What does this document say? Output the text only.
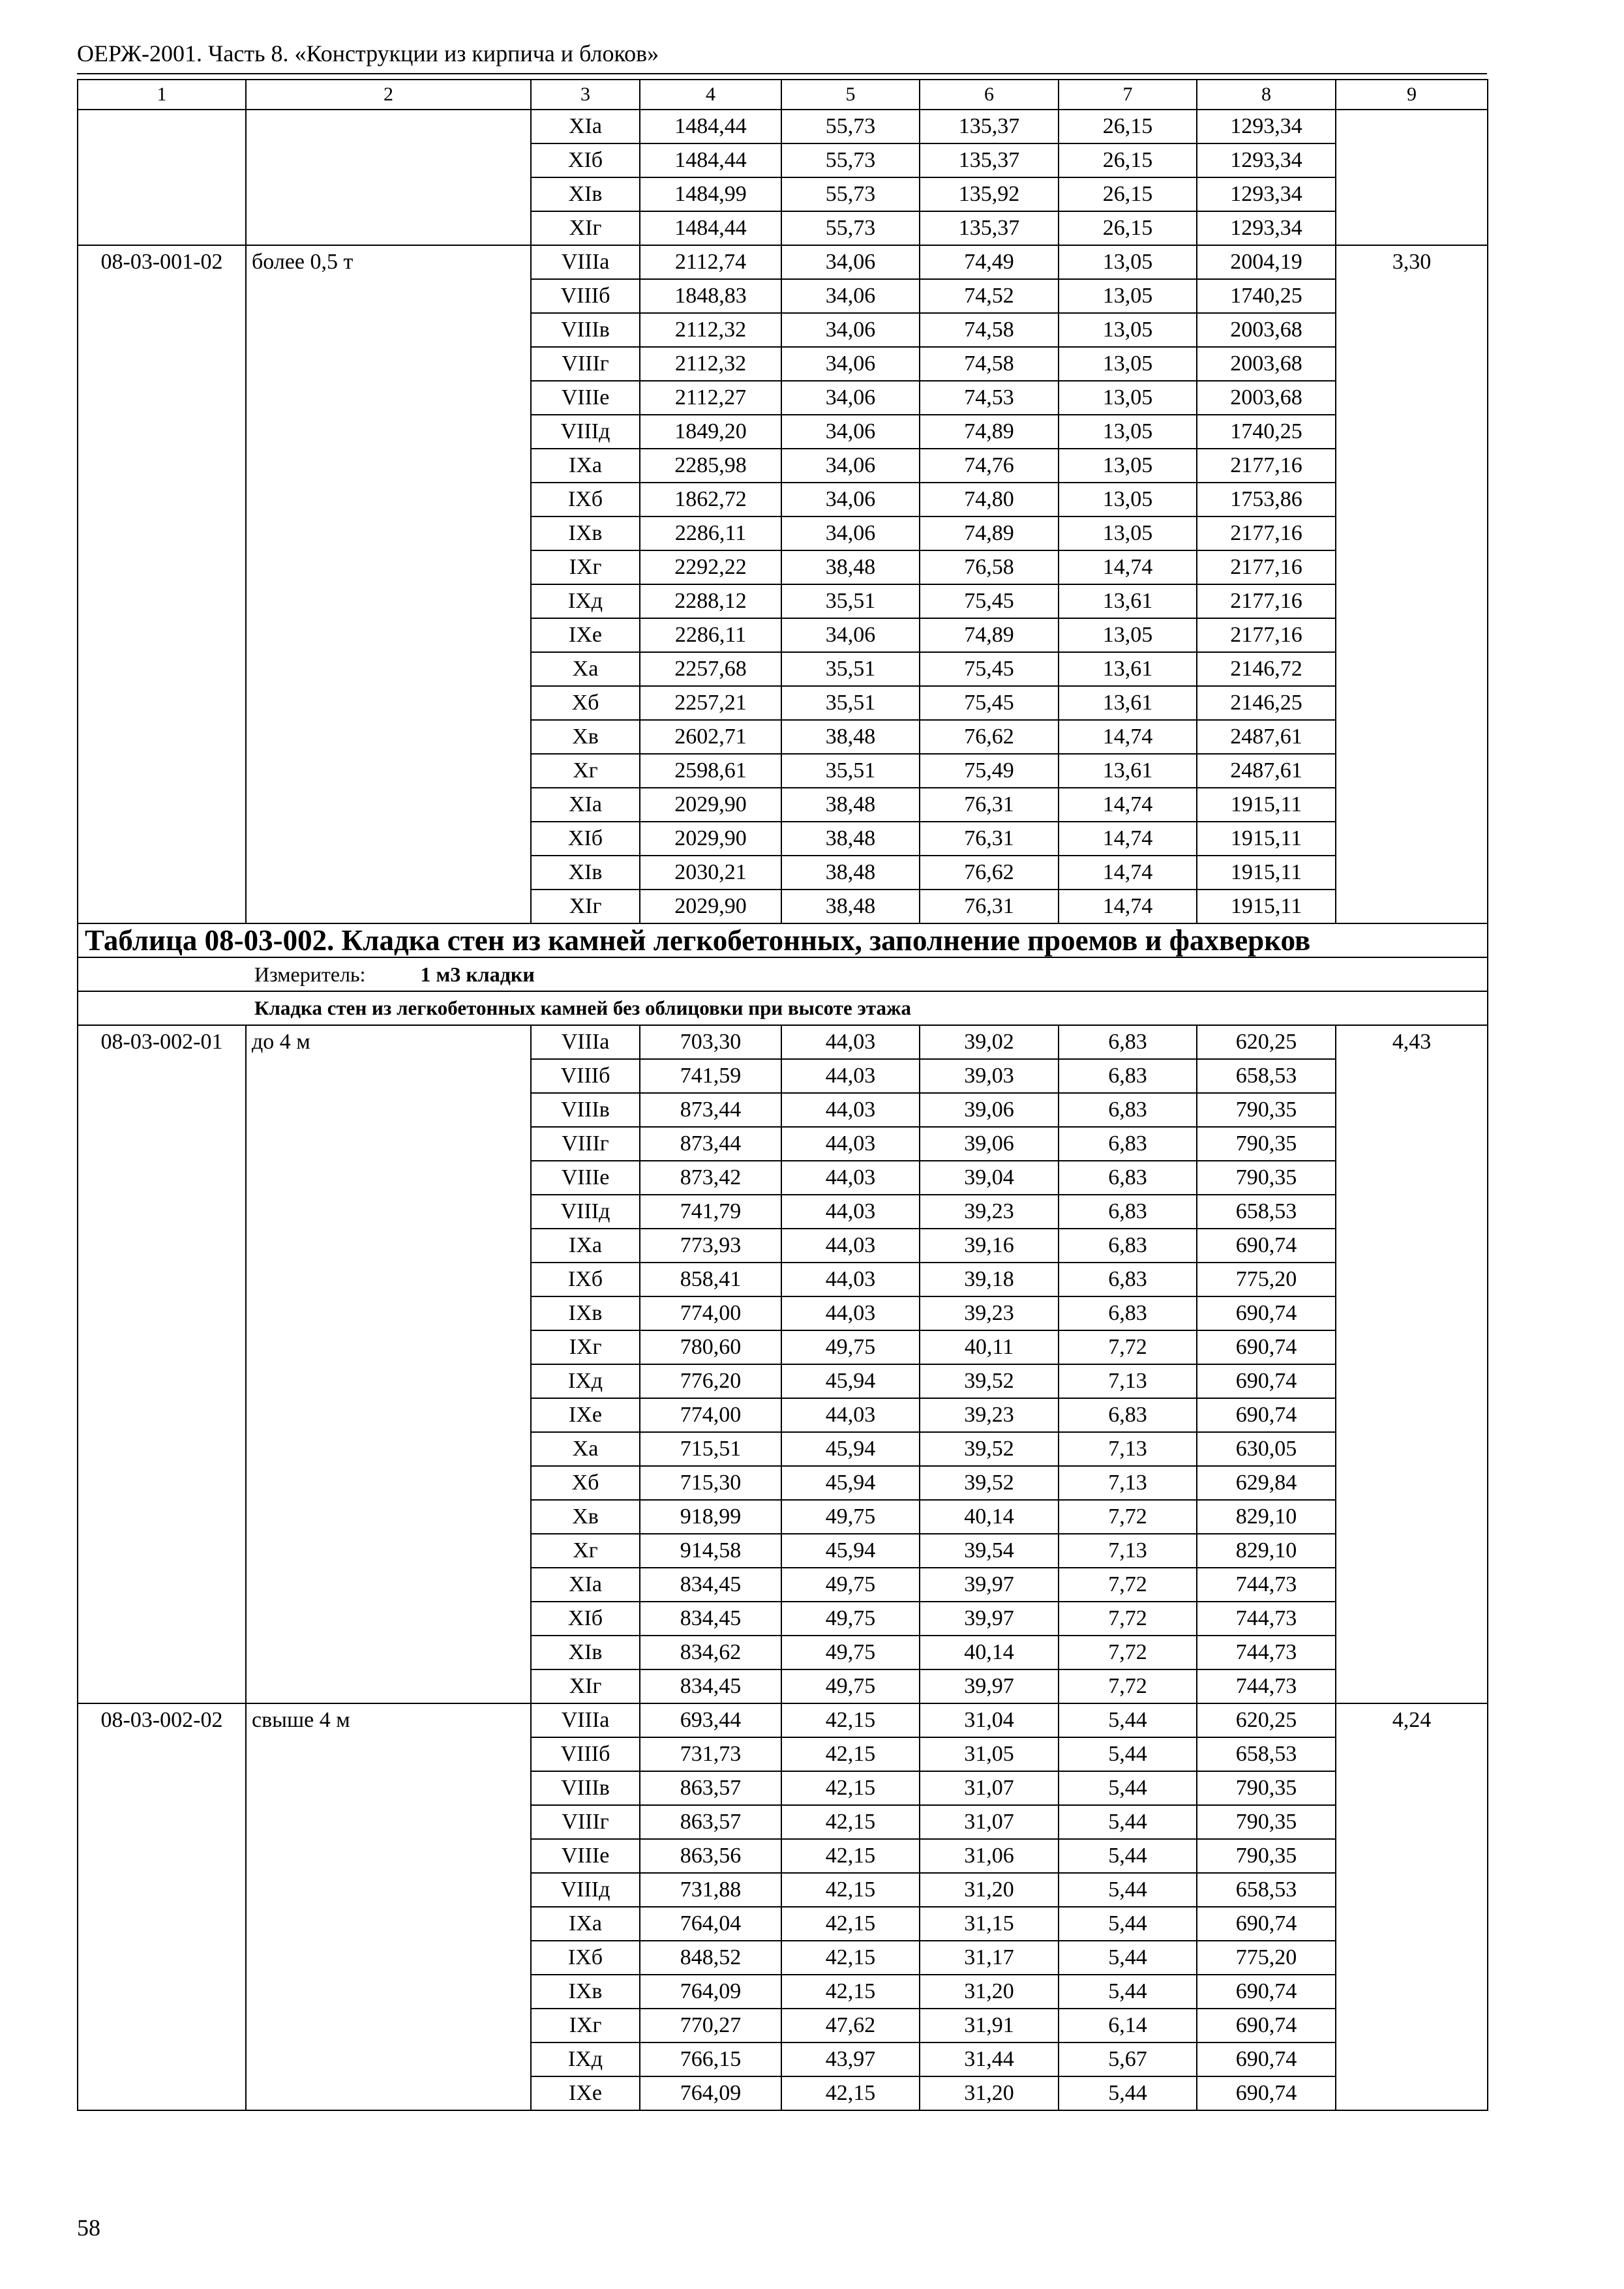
ОЕРЖ-2001. Часть 8. «Конструкции из кирпича и блоков»
1	2	3	4	5	6	7	8	9
		XIа	1484,44	55,73	135,37	26,15	1293,34	
		XIб	1484,44	55,73	135,37	26,15	1293,34	
		XIв	1484,99	55,73	135,92	26,15	1293,34	
		XIг	1484,44	55,73	135,37	26,15	1293,34	
08-03-001-02	более 0,5 т	VIIIа	2112,74	34,06	74,49	13,05	2004,19	3,30
		VIIIб	1848,83	34,06	74,52	13,05	1740,25	
		VIIIв	2112,32	34,06	74,58	13,05	2003,68	
		VIIIг	2112,32	34,06	74,58	13,05	2003,68	
		VIIIе	2112,27	34,06	74,53	13,05	2003,68	
		VIIIд	1849,20	34,06	74,89	13,05	1740,25	
		IXа	2285,98	34,06	74,76	13,05	2177,16	
		IXб	1862,72	34,06	74,80	13,05	1753,86	
		IXв	2286,11	34,06	74,89	13,05	2177,16	
		IXг	2292,22	38,48	76,58	14,74	2177,16	
		IXд	2288,12	35,51	75,45	13,61	2177,16	
		IXе	2286,11	34,06	74,89	13,05	2177,16	
		Xа	2257,68	35,51	75,45	13,61	2146,72	
		Xб	2257,21	35,51	75,45	13,61	2146,25	
		Xв	2602,71	38,48	76,62	14,74	2487,61	
		Xг	2598,61	35,51	75,49	13,61	2487,61	
		XIа	2029,90	38,48	76,31	14,74	1915,11	
		XIб	2029,90	38,48	76,31	14,74	1915,11	
		XIв	2030,21	38,48	76,62	14,74	1915,11	
		XIг	2029,90	38,48	76,31	14,74	1915,11	
Таблица 08-03-002. Кладка стен из камней легкобетонных, заполнение проемов и фахверков								
Измеритель: 1 м3 кладки								
Кладка стен из легкобетонных камней без облицовки при высоте этажа								
08-03-002-01	до 4 м	VIIIа	703,30	44,03	39,02	6,83	620,25	4,43
		VIIIб	741,59	44,03	39,03	6,83	658,53	
		VIIIв	873,44	44,03	39,06	6,83	790,35	
		VIIIг	873,44	44,03	39,06	6,83	790,35	
		VIIIе	873,42	44,03	39,04	6,83	790,35	
		VIIIд	741,79	44,03	39,23	6,83	658,53	
		IXа	773,93	44,03	39,16	6,83	690,74	
		IXб	858,41	44,03	39,18	6,83	775,20	
		IXв	774,00	44,03	39,23	6,83	690,74	
		IXг	780,60	49,75	40,11	7,72	690,74	
		IXд	776,20	45,94	39,52	7,13	690,74	
		IXе	774,00	44,03	39,23	6,83	690,74	
		Xа	715,51	45,94	39,52	7,13	630,05	
		Xб	715,30	45,94	39,52	7,13	629,84	
		Xв	918,99	49,75	40,14	7,72	829,10	
		Xг	914,58	45,94	39,54	7,13	829,10	
		XIа	834,45	49,75	39,97	7,72	744,73	
		XIб	834,45	49,75	39,97	7,72	744,73	
		XIв	834,62	49,75	40,14	7,72	744,73	
		XIг	834,45	49,75	39,97	7,72	744,73	
08-03-002-02	свыше 4 м	VIIIа	693,44	42,15	31,04	5,44	620,25	4,24
		VIIIб	731,73	42,15	31,05	5,44	658,53	
		VIIIв	863,57	42,15	31,07	5,44	790,35	
		VIIIг	863,57	42,15	31,07	5,44	790,35	
		VIIIе	863,56	42,15	31,06	5,44	790,35	
		VIIIд	731,88	42,15	31,20	5,44	658,53	
		IXа	764,04	42,15	31,15	5,44	690,74	
		IXб	848,52	42,15	31,17	5,44	775,20	
		IXв	764,09	42,15	31,20	5,44	690,74	
		IXг	770,27	47,62	31,91	6,14	690,74	
		IXд	766,15	43,97	31,44	5,67	690,74	
		IXе	764,09	42,15	31,20	5,44	690,74	
58
